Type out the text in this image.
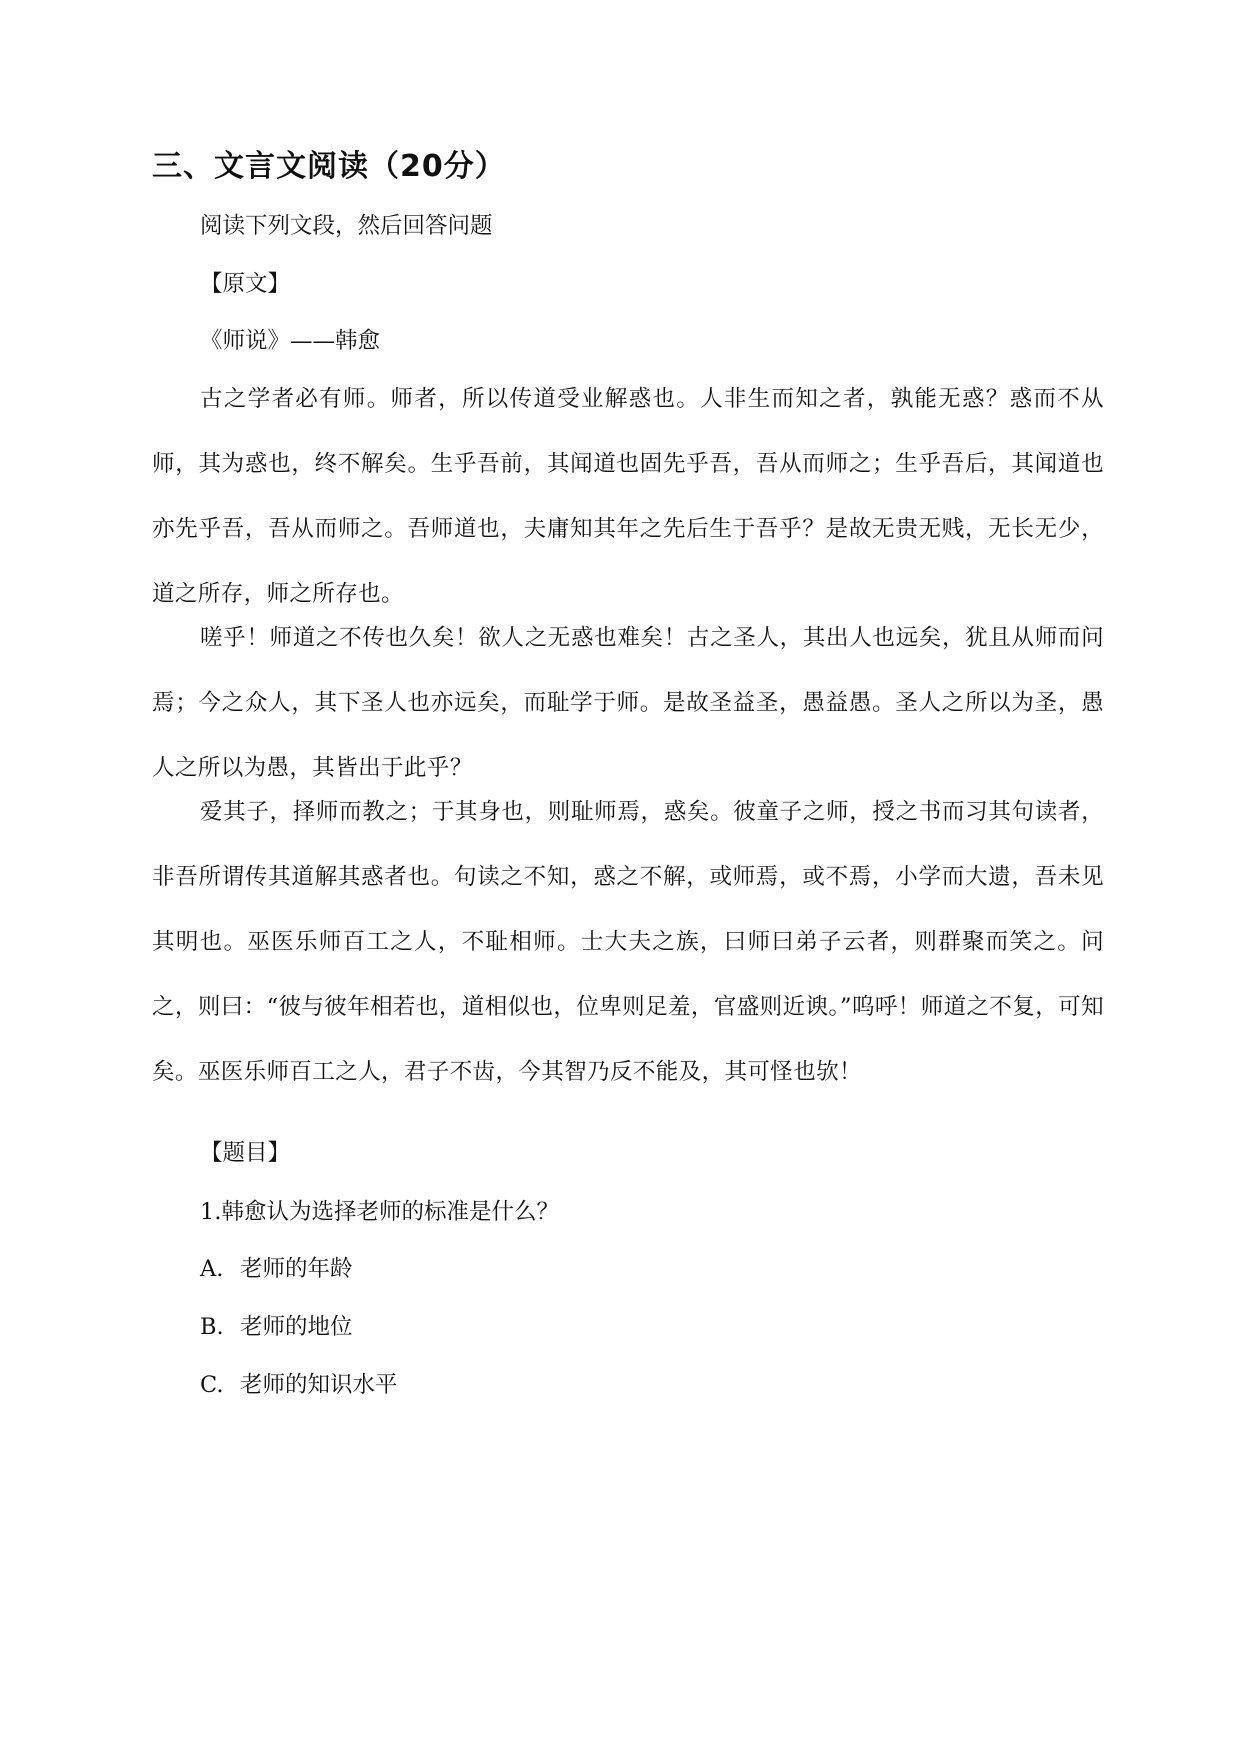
三、文言文阅读（20分）
阅读下列文段，然后回答问题
【原文】
《师说》——韩愈
古之学者必有师。师者，所以传道受业解惑也。人非生而知之者，孰能无惑？惑而不从师，其为惑也，终不解矣。生乎吾前，其闻道也固先乎吾，吾从而师之；生乎吾后，其闻道也亦先乎吾，吾从而师之。吾师道也，夫庸知其年之先后生于吾乎？是故无贵无贱，无长无少，道之所存，师之所存也。
嗟乎！师道之不传也久矣！欲人之无惑也难矣！古之圣人，其出人也远矣，犹且从师而问焉；今之众人，其下圣人也亦远矣，而耻学于师。是故圣益圣，愚益愚。圣人之所以为圣，愚人之所以为愚，其皆出于此乎？
爱其子，择师而教之；于其身也，则耻师焉，惑矣。彼童子之师，授之书而习其句读者，非吾所谓传其道解其惑者也。句读之不知，惑之不解，或师焉，或不焉，小学而大遗，吾未见其明也。巫医乐师百工之人，不耻相师。士大夫之族，曰师曰弟子云者，则群聚而笑之。问之，则曰：“彼与彼年相若也，道相似也，位卑则足羞，官盛则近谀。”呜呼！师道之不复，可知矣。巫医乐师百工之人，君子不齿，今其智乃反不能及，其可怪也欤！
【题目】
1.韩愈认为选择老师的标准是什么？
A. 老师的年龄
B. 老师的地位
C. 老师的知识水平
